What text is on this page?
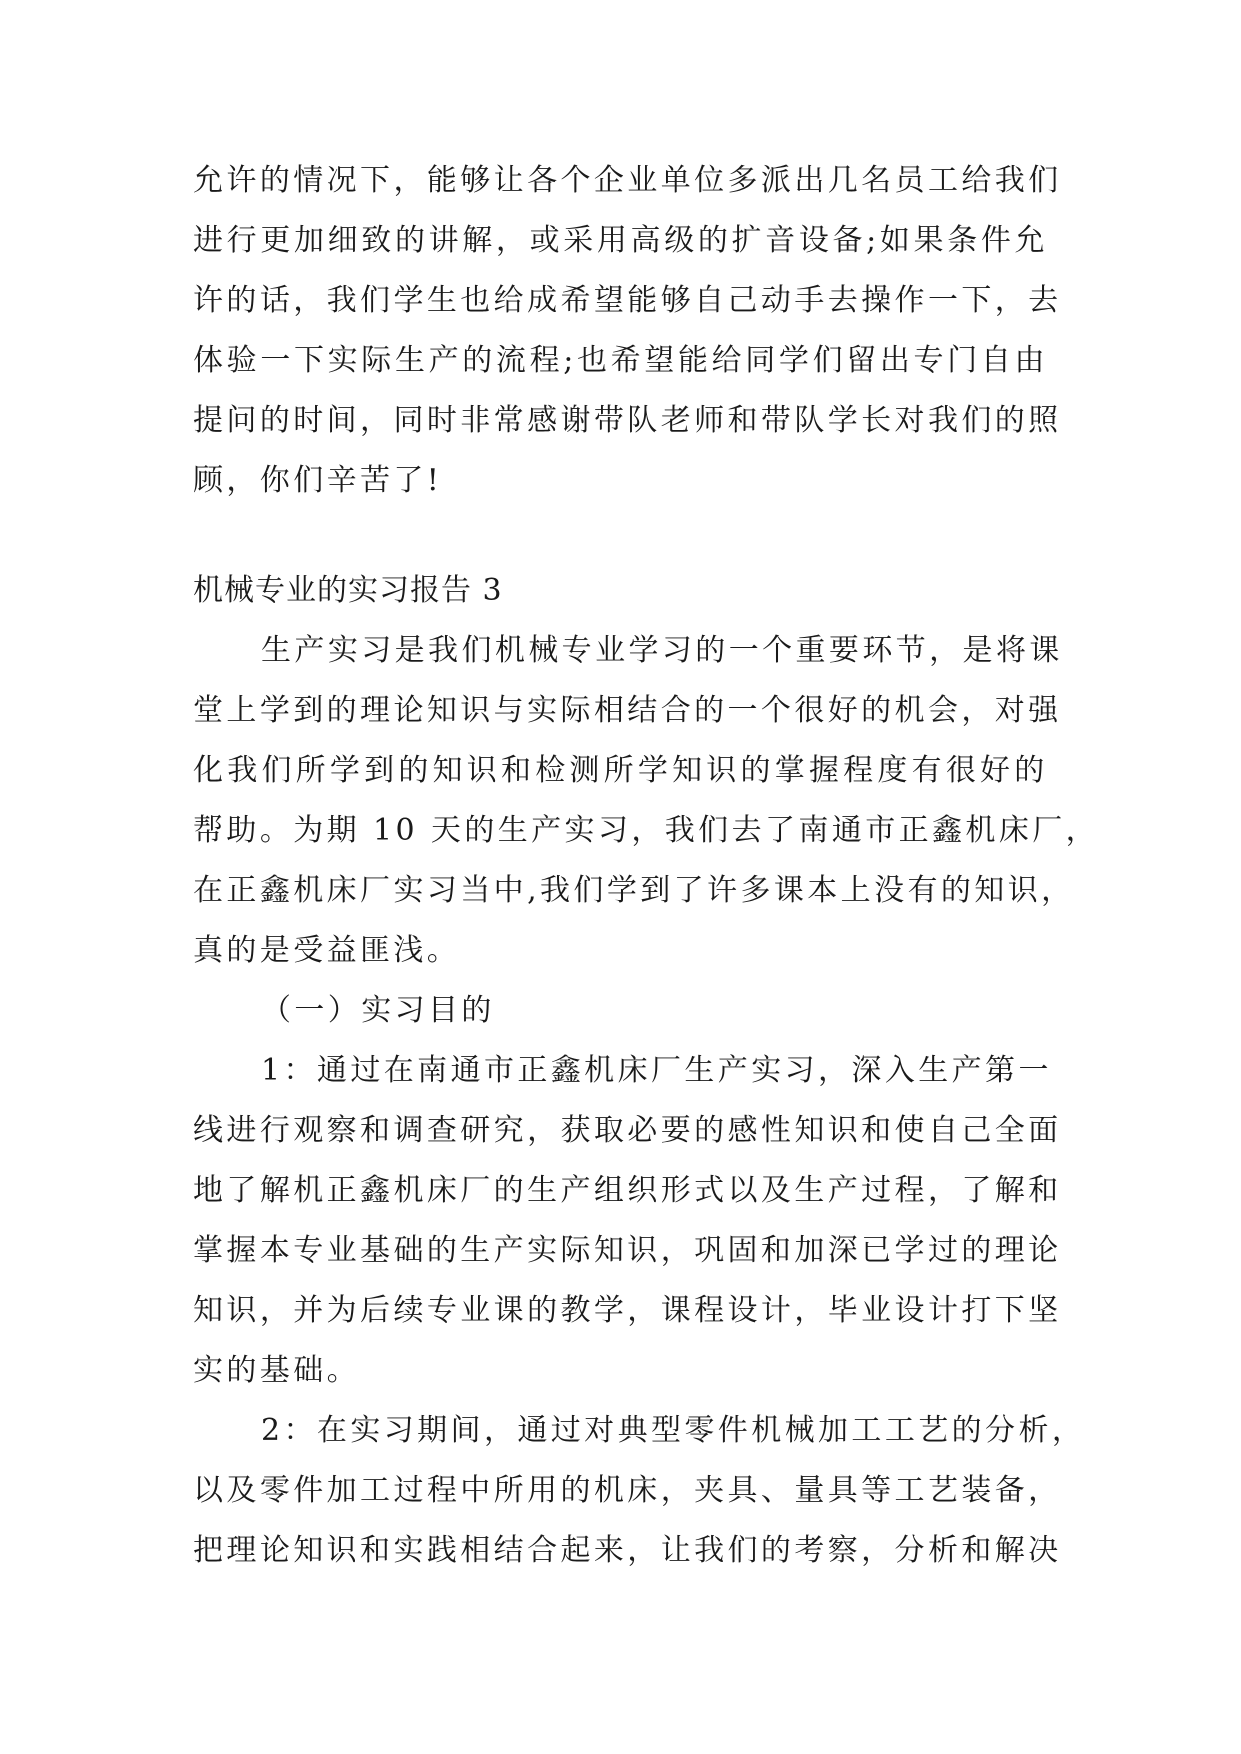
允 许 的 情 况 下 ， 能 够 让 各 个 企 业 单 位 多 派 出 几 名 员 工 给 我 们
进 行 更 加 细 致 的 讲 解 ， 或 采 用 高 级 的 扩 音 设 备 ; 如 果 条 件 允
许 的 话 ， 我 们 学 生 也 给 成 希 望 能 够 自 己 动 手 去 操 作 一 下 ， 去
体 验 一 下 实 际 生 产 的 流 程 ; 也 希 望 能 给 同 学 们 留 出 专 门 自 由
提 问 的 时 间 ， 同 时 非 常 感 谢 带 队 老 师 和 带 队 学 长 对 我 们 的 照
顾，你们辛苦了!
机械专业的实习报告 3
生 产 实 习 是 我 们 机 械 专 业 学 习 的 一 个 重 要 环 节 ， 是 将 课
堂 上 学 到 的 理 论 知 识 与 实 际 相 结 合 的 一 个 很 好 的 机 会 ， 对 强
化 我 们 所 学 到 的 知 识 和 检 测 所 学 知 识 的 掌 握 程 度 有 很 好 的
帮 助 。 为 期
1 0
天 的 生 产 实 习 ， 我 们 去 了 南 通 市 正 鑫 机 床 厂 ，
在 正 鑫 机 床 厂 实 习 当 中 , 我 们 学 到 了 许 多 课 本 上 没 有 的 知 识 ，
真的是受益匪浅。
（一）实习目的
1 ： 通 过 在 南 通 市 正 鑫 机 床 厂 生 产 实 习 ， 深 入 生 产 第 一
线 进 行 观 察 和 调 查 研 究 ， 获 取 必 要 的 感 性 知 识 和 使 自 己 全 面
地 了 解 机 正 鑫 机 床 厂 的 生 产 组 织 形 式 以 及 生 产 过 程 ， 了 解 和
掌 握 本 专 业 基 础 的 生 产 实 际 知 识 ， 巩 固 和 加 深 已 学 过 的 理 论
知 识 ， 并 为 后 续 专 业 课 的 教 学 ， 课 程 设 计 ， 毕 业 设 计 打 下 坚
实的基础。
2 ： 在 实 习 期 间 ， 通 过 对 典 型 零 件 机 械 加 工 工 艺 的 分 析 ，
以 及 零 件 加 工 过 程 中 所 用 的 机 床 ， 夹 具 、 量 具 等 工 艺 装 备 ，
把 理 论 知 识 和 实 践 相 结 合 起 来 ， 让 我 们 的 考 察 ， 分 析 和 解 决
